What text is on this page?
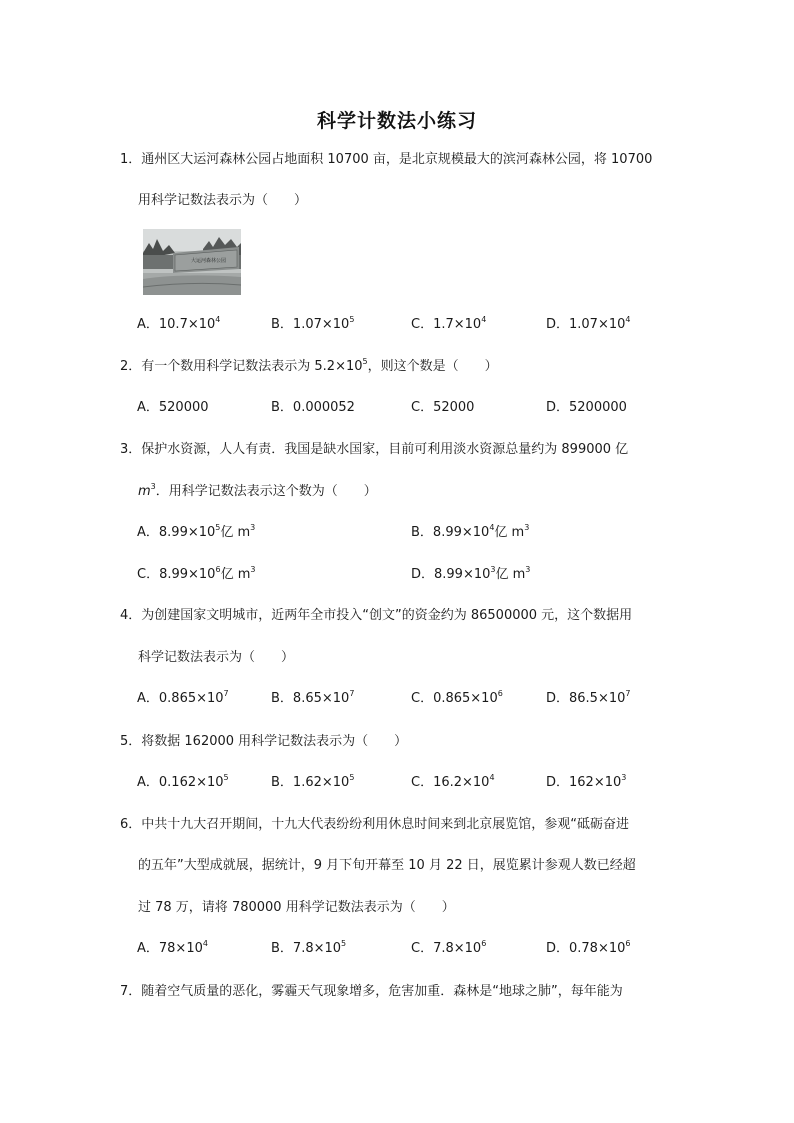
科学计数法小练习
1．通州区大运河森林公园占地面积 10700 亩，是北京规模最大的滨河森林公园，将 10700
用科学记数法表示为（　　）
大运河森林公园
A．$10.7\times 10^4$	B．$1.07\times 10^5$	C．$1.7\times 10^4$	D．$1.07\times 10^4$
2．有一个数用科学记数法表示为 $5.2\times 10^5$，则这个数是（　　）
A．520000	B．0.000052	C．52000	D．5200000
3．保护水资源，人人有责．我国是缺水国家，目前可利用淡水资源总量约为 899000 亿
$m^3$．用科学记数法表示这个数为（　　）
A．$8.99\times 10^5$亿 $m^3$	B．$8.99\times 10^4$亿 $m^3$
C．$8.99\times 10^6$亿 $m^3$	D．$8.99\times 10^3$亿 $m^3$
4．为创建国家文明城市，近两年全市投入“创文”的资金约为 86500000 元，这个数据用
科学记数法表示为（　　）
A．$0.865\times 10^7$	B．$8.65\times 10^7$	C．$0.865\times 10^6$	D．$86.5\times 10^7$
5．将数据 162000 用科学记数法表示为（　　）
A．$0.162\times 10^5$	B．$1.62\times 10^5$	C．$16.2\times 10^4$	D．$162\times 10^3$
6．中共十九大召开期间，十九大代表纷纷利用休息时间来到北京展览馆，参观“砥砺奋进
的五年”大型成就展，据统计，9 月下旬开幕至 10 月 22 日，展览累计参观人数已经超
过 78 万，请将 780000 用科学记数法表示为（　　）
A．$78\times 10^4$	B．$7.8\times 10^5$	C．$7.8\times 10^6$	D．$0.78\times 10^6$
7．随着空气质量的恶化，雾霾天气现象增多，危害加重．森林是“地球之肺”，每年能为
